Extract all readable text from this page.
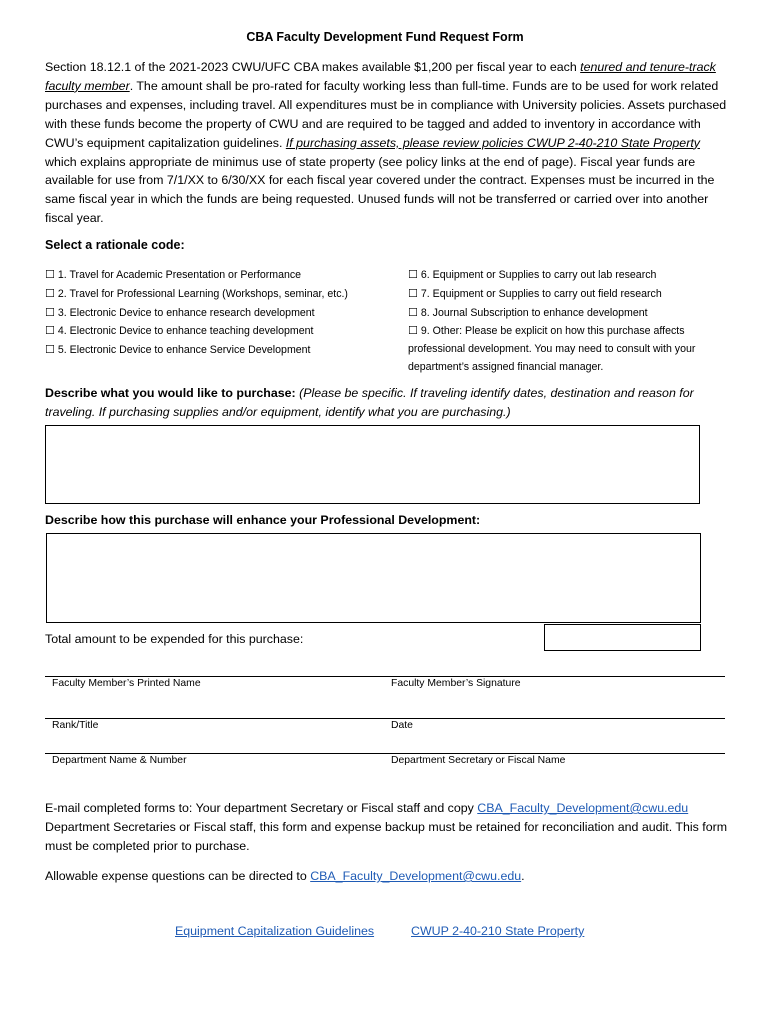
CBA Faculty Development Fund Request Form
Section 18.12.1 of the 2021-2023 CWU/UFC CBA makes available $1,200 per fiscal year to each tenured and tenure-track faculty member. The amount shall be pro-rated for faculty working less than full-time. Funds are to be used for work related purchases and expenses, including travel. All expenditures must be in compliance with University policies. Assets purchased with these funds become the property of CWU and are required to be tagged and added to inventory in accordance with CWU’s equipment capitalization guidelines. If purchasing assets, please review policies CWUP 2-40-210 State Property which explains appropriate de minimus use of state property (see policy links at the end of page). Fiscal year funds are available for use from 7/1/XX to 6/30/XX for each fiscal year covered under the contract. Expenses must be incurred in the same fiscal year in which the funds are being requested. Unused funds will not be transferred or carried over into another fiscal year.
Select a rationale code:
☐ 1. Travel for Academic Presentation or Performance
☐ 2. Travel for Professional Learning (Workshops, seminar, etc.)
☐ 3. Electronic Device to enhance research development
☐ 4. Electronic Device to enhance teaching development
☐ 5. Electronic Device to enhance Service Development
☐ 6. Equipment or Supplies to carry out lab research
☐ 7. Equipment or Supplies to carry out field research
☐ 8. Journal Subscription to enhance development
☐ 9. Other: Please be explicit on how this purchase affects professional development. You may need to consult with your department’s assigned financial manager.
Describe what you would like to purchase: (Please be specific. If traveling identify dates, destination and reason for traveling. If purchasing supplies and/or equipment, identify what you are purchasing.)
Describe how this purchase will enhance your Professional Development:
Total amount to be expended for this purchase:
Faculty Member’s Printed Name	Faculty Member’s Signature
Rank/Title	Date
Department Name & Number	Department Secretary or Fiscal Name
E-mail completed forms to: Your department Secretary or Fiscal staff and copy CBA_Faculty_Development@cwu.edu
Department Secretaries or Fiscal staff, this form and expense backup must be retained for reconciliation and audit. This form must be completed prior to purchase.
Allowable expense questions can be directed to CBA_Faculty_Development@cwu.edu.
Equipment Capitalization Guidelines	CWUP 2-40-210 State Property
